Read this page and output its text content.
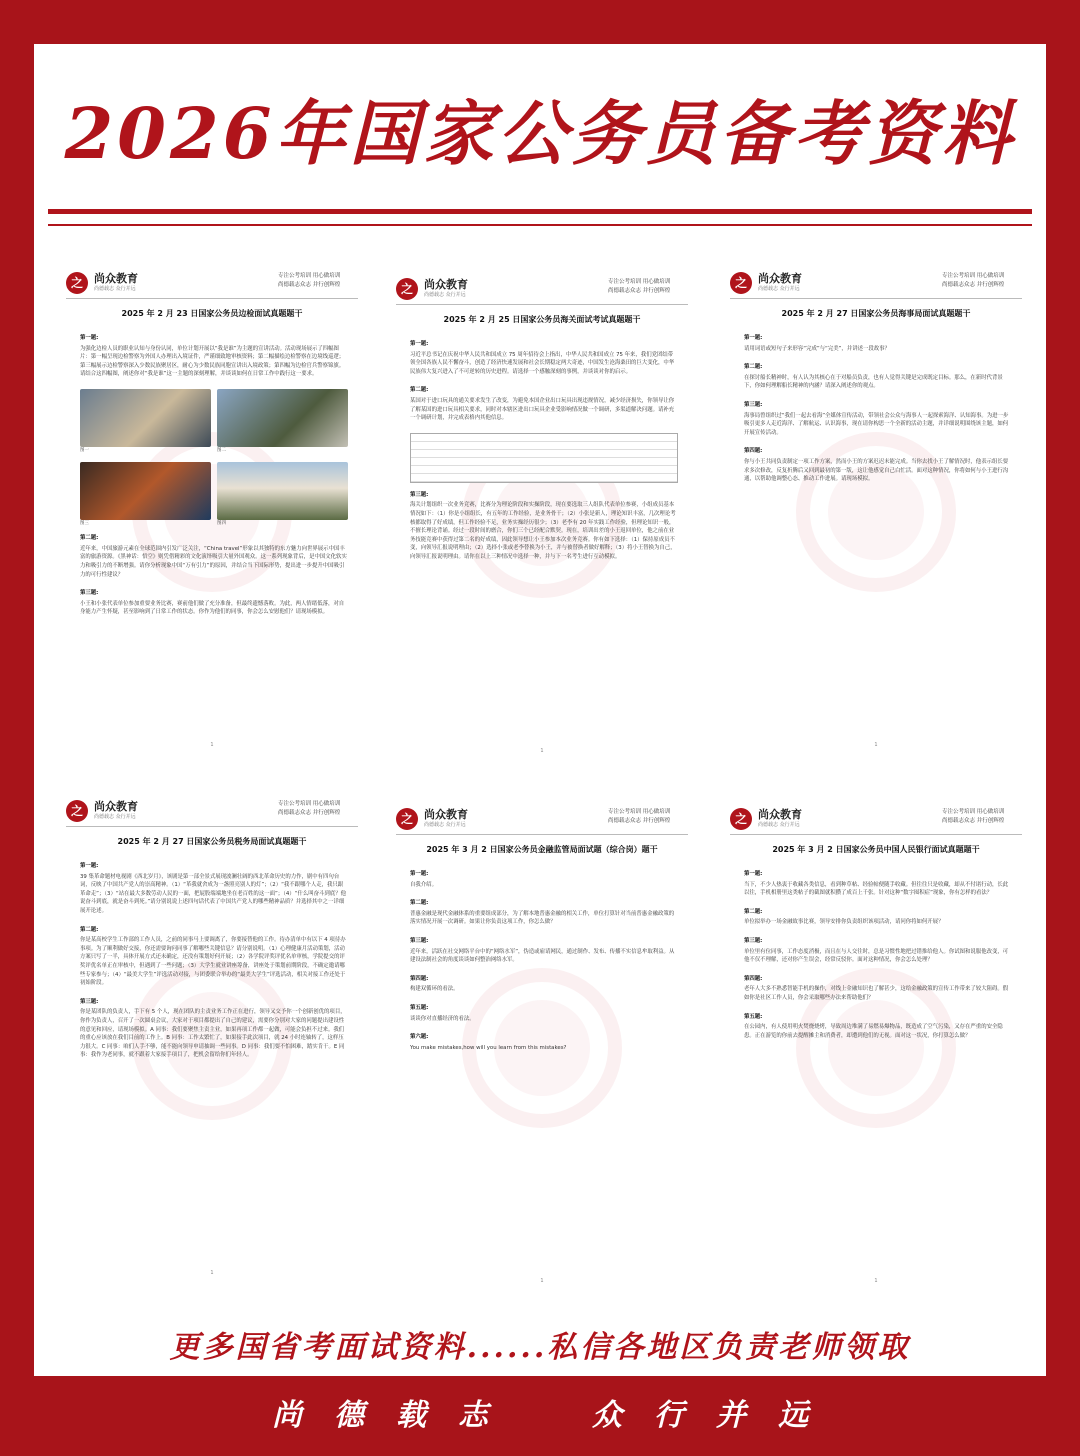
2026年国家公务员备考资料
更多国省考面试资料......私信各地区负责老师领取
之	尚众教育
尚德载志 众行并远
专注公考培训 用心做培训
尚德载志众志 并行创辉煌
2025 年 2 月 23 日国家公务员边检面试真题题干
第一题:
为强化边检人员的职业认知与身份认同，单位计划开展以“我是谁”为主题的宣讲活动。活动现场展示了四幅图片：第一幅呈现边检警察为外国人办理出入境证件，严谨细致地审核资料；第二幅描绘边检警察在边境线巡逻；第三幅展示边检警察深入少数民族聚居区，耐心为少数民族同胞宣讲出入境政策；第四幅为边检官兵警察锦旗。请结合这四幅图，阐述你对“我是谁”这一主题的深刻理解，并谈谈如何在日常工作中践行这一要求。
图一	图二
图三	图四
第二题:
近年来，中国旅游元素在全球范围内引发广泛关注，“China travel”形象以其独特的东方魅力向世界展示中国丰富的旅游资源。《黑神话：悟空》则凭借精彩的文化演绎吸引大量外国观众。这一系列现象背后，是中国文化软实力和吸引力的不断增强。请你分析现象中国“万有引力”的原因，并结合当下国际形势，提出进一步提升中国吸引力的可行性建议？
第三题:
小王和小张代表单位参加重要业务比赛，赛前他们做了充分准备，但最终遗憾落败。为此，两人情绪低落，对自身能力产生怀疑，甚至影响到了日常工作的状态。你作为他们的同事，你会怎么安慰他们？请现场模拟。
1
之	尚众教育
尚德载志 众行并远
专注公考培训 用心做培训
尚德载志众志 并行创辉煌
2025 年 2 月 25 日国家公务员海关面试考试真题题干
第一题:
习近平总书记在庆祝中华人民共和国成立 75 周年招待会上指出，中华人民共和国成立 75 年来，我们党团结带领全国各族人民不懈奋斗，创造了经济快速发展和社会长期稳定两大奇迹，中国发生沧海桑田的巨大变化，中华民族伟大复兴进入了不可逆转的历史进程。请选择一个感触深刻的事例，并谈谈对你的启示。
第二题:
某国对于进口玩具的通关要求发生了改变，为避免本国企业出口玩具出现违规情况，减少经济损失，你领导让你了解某国的进口玩具相关要求，同时对本辖区进出口玩具企业受影响情况做一个调研，多渠道解决问题。请补充一个调研计划，并完成表格内其他信息。
第三题:
海关计划组织一次业务竞赛，比赛分为理论阶段和实操阶段，现在要选取三人组队代表单位参赛，小组成员基本情况如下：（1）你是小组组长，有五年的工作经验，是业务骨干；（2）小张是新人，理论知识丰富，几次理论考核都取得了好成绩，但工作经验不足，业务实操经历很少；（3）老李有 20 年实践工作经验，但理论知识一般，不擅长理论背诵。经过一段时间的磨合，你们三个已经配合默契。现在，培训出差的小王返回单位，他之前在业务技能竞赛中获得过第二名的好成绩，因此领导想让小王参加本次业务竞赛。你有如下选择：（1）保持原成员不变，向领导汇报说明理由；（2）选择小张或老李替换为小王，并与被替换者做好解释；（3）将小王替换为自己，向领导汇报说明理由。请你在以上三种情况中选择一种，并与下一名考生进行互动模拟。
1
之	尚众教育
尚德载志 众行并远
专注公考培训 用心做培训
尚德载志众志 并行创辉煌
2025 年 2 月 27 日国家公务员海事局面试真题题干
第一题:
请用词语或短句子来形容“完成”与“完美”，并讲述一段故事？
第二题:
在探讨船长精神时，有人认为其核心在于对船员负责，也有人觉得关键是完成既定目标。那么，在新时代背景下，你如何理解船长精神的内涵？请深入阐述你的观点。
第三题:
海事局曾组织过“我们一起去看海”全媒体宣传活动，带领社会公众与海事人一起探索海洋、认知海事。为进一步吸引更多人走近海洋、了解航运、认识海事，现在请你构思一个全新的活动主题，并详细说明围绕该主题，如何开展宣传活动。
第四题:
你与小王共同负责制定一项工作方案，然而小王的方案迟迟未能完成。当你去找小王了解情况时，他表示组长要求多次修改，反复折腾后又回到最初的第一版，这让他感觉自己白忙活。面对这种情况，你将如何与小王进行沟通，以帮助他调整心态、推动工作进展。请现场模拟。
1
之	尚众教育
尚德载志 众行并远
专注公考培训 用心做培训
尚德载志众志 并行创辉煌
2025 年 2 月 27 日国家公务员税务局面试真题题干
第一题:
39 集革命题材电视剧《西北岁月》，该剧是第一部全景式展现波澜壮阔的西北革命历史的力作，剧中有四句台词，反映了中国共产党人的崇高精神。（1）“革我就舍成为一盏照亮别人的灯”；（2）“我不跟哪个人走，我只跟革命走”；（3）“站在最大多数劳动人民的一面，把屁股端端地坐在老百姓的这一面”；（4）“什么叫奋斗到底？他说奋斗到底，就是奋斗到死。”请分别说说上述四句话代表了中国共产党人的哪些精神品质？并选择其中之一详细展开论述。
第二题:
你是某高校学生工作部的工作人员，之前的同事马上要调离了，你要接替他的工作。待办清单中有以下 4 项待办事项。为了顺利做好交接，你还需要询问同事了解哪些关键信息？请分别说明。（1）心理健康月活动策划，活动方案只写了一半，具体开展方式还未确定，还没有策划好何开展；（2）各学院评奖评优名单审核，学院提交的评奖评优名单正在审核中，但遇到了一些问题；（3）大学生就业讲座筹备，讲座处于策划前期阶段，不确定邀请哪些专家参与；（4）“最美大学生”评选活动对接，与团委联合举办的“最美大学生”评选活动，相关对接工作还处于初始阶段。
第三题:
你是某团队的负责人，手下有 5 个人，现在团队的主责业务工作正在进行，领导又交予你一个创新创优的项目，你作为负责人，召开了一次圆桌会议，大家对于项目都提出了自己的建议，需要你分别对大家的问题提出建设性的意见和回应，请现场模拟。A 同事：我们要聚焦主责主业，如果再项工作都一起做，可能会负担不过来。我们的重心应该放在我们目前的工作上。B 同事：工作太繁忙了，如果接手此次项目，就 24 小时连轴转了，这样压力很大。C 同事：咱们人手不够，能不能向领导申请抽调一些同事。D 同事：我们要不怕困难，踏实肯干。E 同事：我作为老同事，就不跟着大家接手项目了，把机会留给你们年轻人。
1
之	尚众教育
尚德载志 众行并远
专注公考培训 用心做培训
尚德载志众志 并行创辉煌
2025 年 3 月 2 日国家公务员金融监管局面试题（综合岗）题干
第一题:
自我介绍。
第二题:
普惠金融是现代金融体系的重要组成部分，为了解本地普惠金融的相关工作，单位打算针对当前普惠金融政策的落实情况开展一次调研。如果让你负责这项工作，你怎么做？
第三题:
近年来，活跃在社交网络平台中的“网络水军”，伪造或雇请网民，通过制作、发布、传播不实信息牟取利益。从建设法制社会的角度谈谈如何整治网络水军。
第四题:
构建双循环的看法。
第五题:
谈谈你对直播经济的看法。
第六题:
You make mistakes,how will you learn from this mistakes?
1
之	尚众教育
尚德载志 众行并远
专注公考培训 用心做培训
尚德载志众志 并行创辉煌
2025 年 3 月 2 日国家公务员中国人民银行面试真题题干
第一题:
当下，不少人热衷于收藏各类信息，看到种草帖、经验帖便随手收藏。但往往只是收藏，却从不付诸行动，长此以往，手机相册里这类帖子的截图就积攒了成百上千张。针对这种“数字囤积症”现象，你有怎样的看法？
第二题:
单位拟举办一场金融故事比赛，领导安排你负责组织该项活动，请问你将如何开展？
第三题:
单位里有位同事，工作态度消极，而且在与人交往时，总是习惯性地把过错推给他人。你试图和说服他改变，可他不仅不理解，还对你产生误会，经常反驳你。面对这种情况，你会怎么处理？
第四题:
老年人大多不熟悉智能手机的操作，对线上金融知识也了解甚少，这给金融政策的宣传工作带来了较大阻碍。假如你是社区工作人员，你会采取哪些办法来帮助他们？
第五题:
在公园内，有人使用明火焚烧烧烤，导致周边堆满了易燃易爆物品，既造成了空气污染，又存在严重的安全隐患。正在游览的你前去提醒摊主和消费者，却遭到他们的无视。面对这一状况，你打算怎么做？
1
尚 德 载 志	众 行 并 远
